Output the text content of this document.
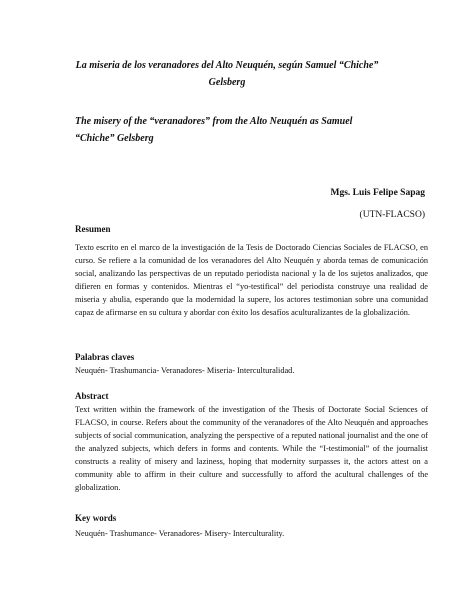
La miseria de los veranadores del Alto Neuquén, según Samuel “Chiche” Gelsberg
The misery of the “veranadores” from the Alto Neuquén as Samuel “Chiche” Gelsberg
Mgs. Luis Felipe Sapag
(UTN-FLACSO)
Resumen
Texto escrito en el marco de la investigación de la Tesis de Doctorado Ciencias Sociales de FLACSO, en curso. Se refiere a la comunidad de los veranadores del Alto Neuquén y aborda temas de comunicación social, analizando las perspectivas de un reputado periodista nacional y la de los sujetos analizados, que difieren en formas y contenidos. Mientras el “yo-testifical” del periodista construye una realidad de miseria y abulia, esperando que la modernidad la supere, los actores testimonian sobre una comunidad capaz de afirmarse en su cultura y abordar con éxito los desafíos aculturalizantes de la globalización.
Palabras claves
Neuquén- Trashumancia- Veranadores- Miseria- Interculturalidad.
Abstract
Text written within the framework of the investigation of the Thesis of Doctorate Social Sciences of FLACSO, in course. Refers about the community of the veranadores of the Alto Neuquén and approaches subjects of social communication, analyzing the perspective of a reputed national journalist and the one of the analyzed subjects, which defers in forms and contents. While the “I-testimonial” of the journalist constructs a reality of misery and laziness, hoping that modernity surpasses it, the actors attest on a community able to affirm in their culture and successfully to afford the acultural challenges of the globalization.
Key words
Neuquén- Trashumance- Veranadores- Misery- Interculturality.
